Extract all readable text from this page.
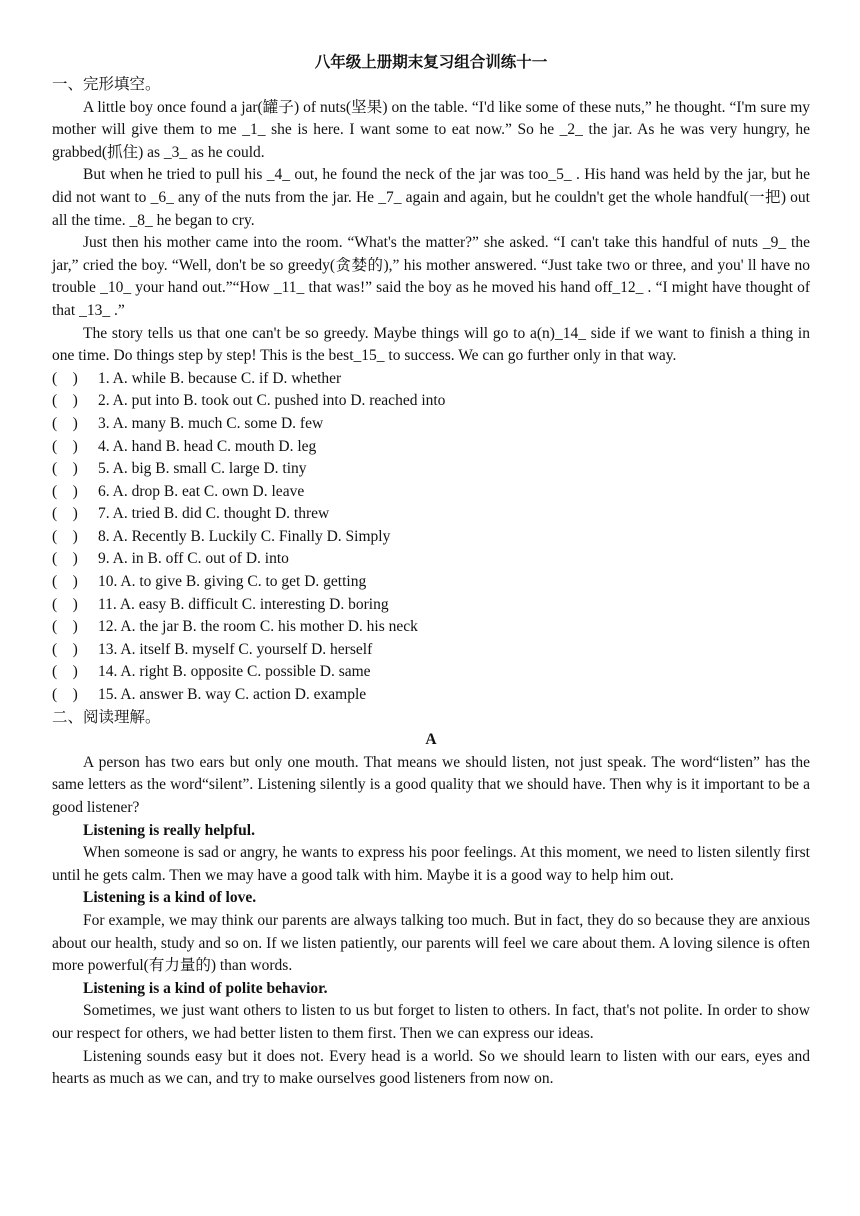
八年级上册期末复习组合训练十一
一、完形填空。

A little boy once found a jar(罐子) of nuts(坚果) on the table. “I'd like some of these nuts,” he thought. “I'm sure my mother will give them to me _1_ she is here. I want some to eat now.” So he _2_ the jar. As he was very hungry, he grabbed(抓住) as _3_ as he could.

But when he tried to pull his _4_ out, he found the neck of the jar was too_5_ . His hand was held by the jar, but he did not want to _6_ any of the nuts from the jar. He _7_ again and again, but he couldn't get the whole handful(一把) out all the time. _8_ he began to cry.

Just then his mother came into the room. “What's the matter?” she asked. “I can't take this handful of nuts _9_ the jar,” cried the boy. “Well, don't be so greedy(贪婪的),” his mother answered. “Just take two or three, and you' ll have no trouble _10_ your hand out.”“How _11_ that was!” said the boy as he moved his hand off_12_ . “I might have thought of that _13_ .”

The story tells us that one can't be so greedy. Maybe things will go to a(n)_14_ side if we want to finish a thing in one time. Do things step by step! This is the best_15_ to success. We can go further only in that way.

(    ) 1. A. while B. because C. if D. whether
(    ) 2. A. put into B. took out C. pushed into D. reached into
(    ) 3. A. many B. much C. some D. few
(    ) 4. A. hand B. head C. mouth D. leg
(    ) 5. A. big B. small C. large D. tiny
(    ) 6. A. drop B. eat C. own D. leave
(    ) 7. A. tried B. did C. thought D. threw
(    ) 8. A. Recently B. Luckily C. Finally D. Simply
(    ) 9. A. in B. off C. out of D. into
(    ) 10. A. to give B. giving C. to get D. getting
(    ) 11. A. easy B. difficult C. interesting D. boring
(    ) 12. A. the jar B. the room C. his mother D. his neck
(    ) 13. A. itself B. myself C. yourself D. herself
(    ) 14. A. right B. opposite C. possible D. same
(    ) 15. A. answer B. way C. action D. example
二、阅读理解。
A

A person has two ears but only one mouth. That means we should listen, not just speak. The word“listen” has the same letters as the word“silent”. Listening silently is a good quality that we should have. Then why is it important to be a good listener?

Listening is really helpful.

When someone is sad or angry, he wants to express his poor feelings. At this moment, we need to listen silently first until he gets calm. Then we may have a good talk with him. Maybe it is a good way to help him out.

Listening is a kind of love.

For example, we may think our parents are always talking too much. But in fact, they do so because they are anxious about our health, study and so on. If we listen patiently, our parents will feel we care about them. A loving silence is often more powerful(有力量的) than words.

Listening is a kind of polite behavior.

Sometimes, we just want others to listen to us but forget to listen to others. In fact, that's not polite. In order to show our respect for others, we had better listen to them first. Then we can express our ideas.

Listening sounds easy but it does not. Every head is a world. So we should learn to listen with our ears, eyes and hearts as much as we can, and try to make ourselves good listeners from now on.
